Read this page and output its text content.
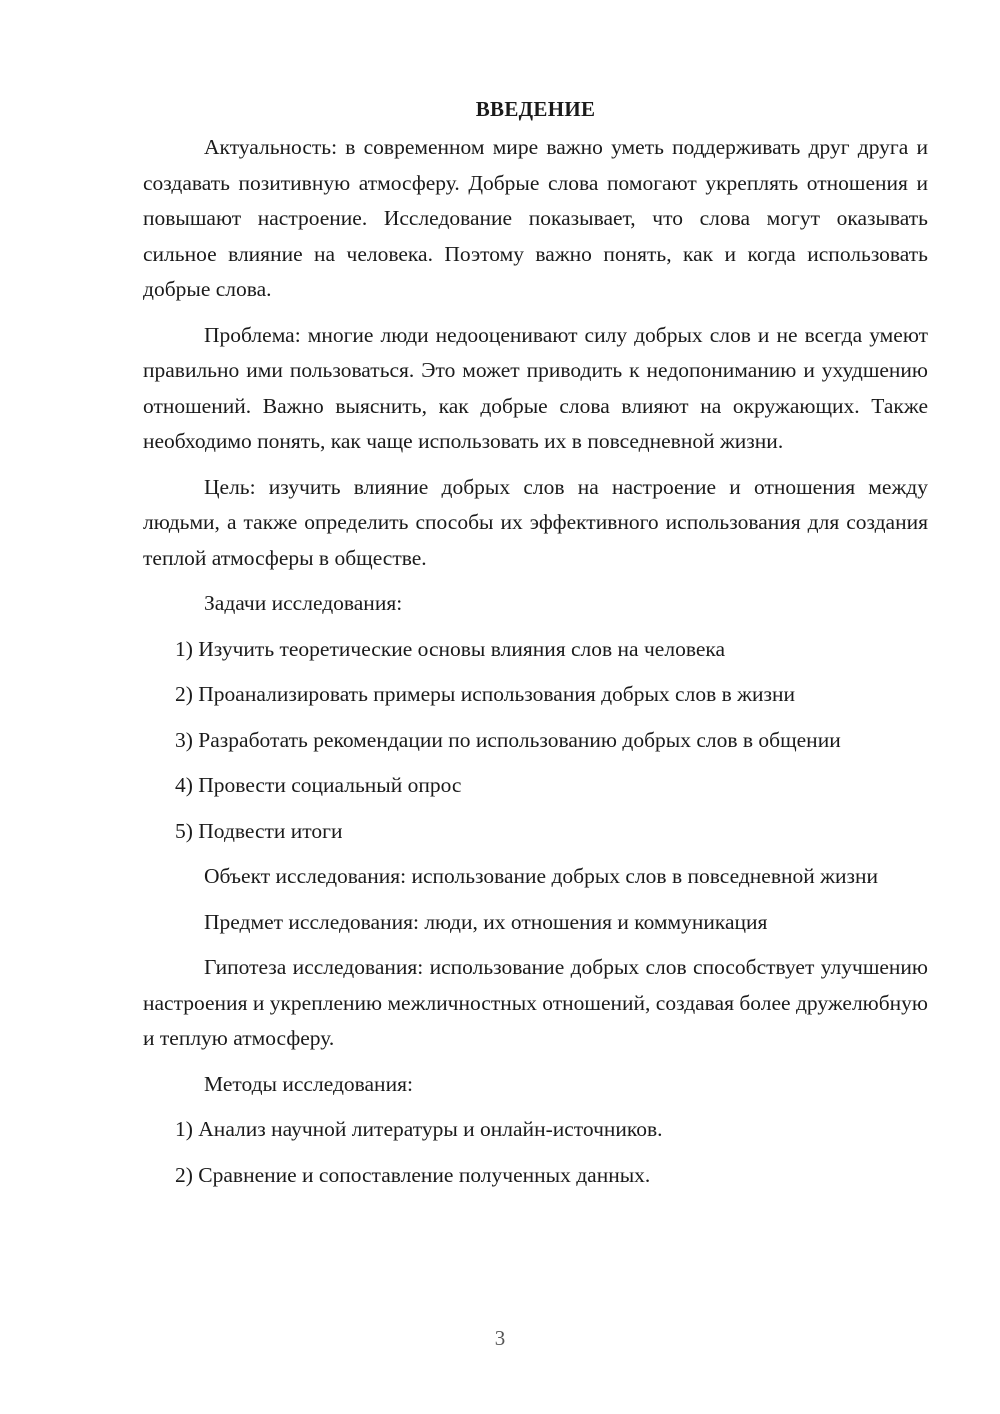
ВВЕДЕНИЕ

Актуальность: в современном мире важно уметь поддерживать друг друга и создавать позитивную атмосферу. Добрые слова помогают укреплять отношения и повышают настроение. Исследование показывает, что слова могут оказывать сильное влияние на человека. Поэтому важно понять, как и когда использовать добрые слова.

Проблема: многие люди недооценивают силу добрых слов и не всегда умеют правильно ими пользоваться. Это может приводить к недопониманию и ухудшению отношений. Важно выяснить, как добрые слова влияют на окружающих. Также необходимо понять, как чаще использовать их в повседневной жизни.

Цель: изучить влияние добрых слов на настроение и отношения между людьми, а также определить способы их эффективного использования для создания теплой атмосферы в обществе.

Задачи исследования:

1) Изучить теоретические основы влияния слов на человека

2) Проанализировать примеры использования добрых слов в жизни

3) Разработать рекомендации по использованию добрых слов в общении

4) Провести социальный опрос

5) Подвести итоги

Объект исследования: использование добрых слов в повседневной жизни

Предмет исследования: люди, их отношения и коммуникация

Гипотеза исследования: использование добрых слов способствует улучшению настроения и укреплению межличностных отношений, создавая более дружелюбную и теплую атмосферу.

Методы исследования:

1) Анализ научной литературы и онлайн-источников.

2) Сравнение и сопоставление полученных данных.

3
